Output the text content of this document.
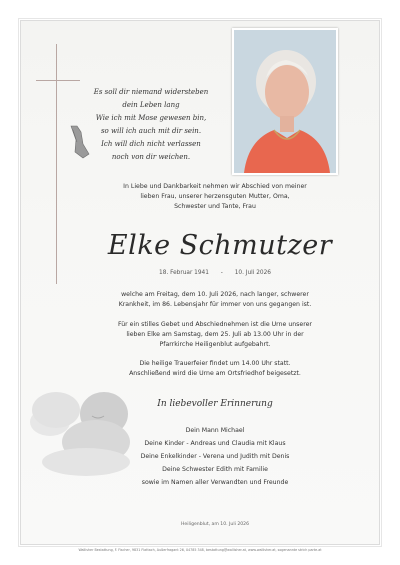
Es soll dir niemand widersteben
dein Leben lang
Wie ich mit Mose gewesen bin,
so will ich auch mit dir sein.
Ich will dich nicht verlassen
noch von dir weichen.
In Liebe und Dankbarkeit nehmen wir Abschied von meiner
lieben Frau, unserer herzensguten Mutter, Oma,
Schwester und Tante, Frau
Elke Schmutzer
18. Februar 1941 - 10. Juli 2026
welche am Freitag, dem 10. Juli 2026, nach langer, schwerer
Krankheit, im 86. Lebensjahr für immer von uns gegangen ist.
Für ein stilles Gebet und Abschiednehmen ist die Urne unserer
lieben Elke am Samstag, dem 25. Juli ab 13.00 Uhr in der
Pfarrkirche Heiligenblut aufgebahrt.
Die heilige Trauerfeier findet um 14.00 Uhr statt.
Anschließend wird die Urne am Ortsfriedhof beigesetzt.
In liebevoller Erinnerung
Dein Mann Michael
Deine Kinder - Andreas und Claudia mit Klaus
Deine Enkelkinder - Verena und Judith mit Denis
Deine Schwester Edith mit Familie
sowie im Namen aller Verwandten und Freunde
Heiligenblut, am 10. Juli 2026
Wallisher Bestattung, F. Fischer, 9831 Flattach, Außerfragant 26, 04785 348, bestattung@wallisher.at, www.wallisher.at, sogenannte strich parte.at
